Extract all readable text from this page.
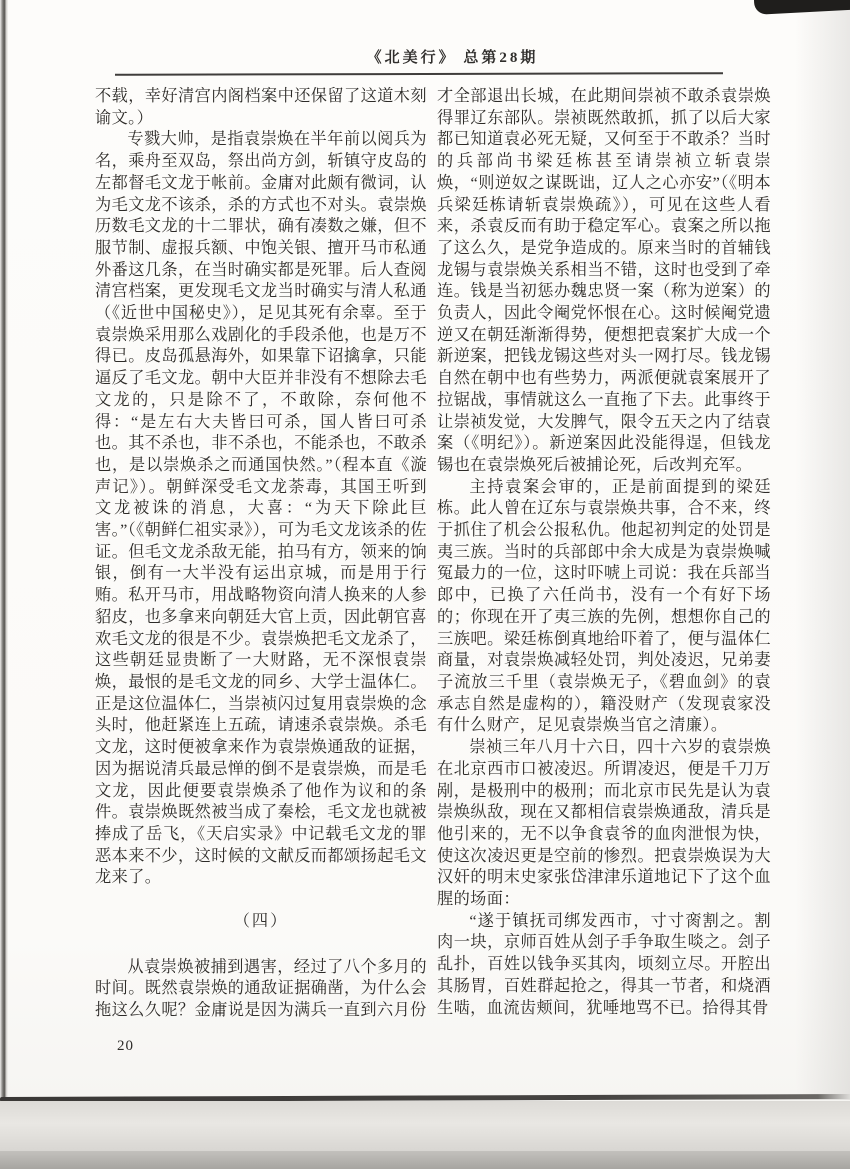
《北美行》 总第28期

不载，幸好清宫内阁档案中还保留了这道木刻谕文。）

专戮大帅，是指袁崇焕在半年前以阅兵为名，乘舟至双岛，祭出尚方剑，斩镇守皮岛的左都督毛文龙于帐前。金庸对此颇有微词，认为毛文龙不该杀，杀的方式也不对头。袁崇焕历数毛文龙的十二罪状，确有凑数之嫌，但不服节制、虚报兵额、中饱关银、擅开马市私通外番这几条，在当时确实都是死罪。后人查阅清宫档案，更发现毛文龙当时确实与清人私通（《近世中国秘史》），足见其死有余辜。至于袁崇焕采用那么戏剧化的手段杀他，也是万不得已。皮岛孤悬海外，如果靠下诏擒拿，只能逼反了毛文龙。朝中大臣并非没有不想除去毛文龙的，只是除不了，不敢除，奈何他不得：“是左右大夫皆曰可杀，国人皆曰可杀也。其不杀也，非不杀也，不能杀也，不敢杀也，是以崇焕杀之而通国快然。”（程本直《漩声记》）。朝鲜深受毛文龙荼毒，其国王听到文龙被诛的消息，大喜：“为天下除此巨害。”（《朝鲜仁祖实录》），可为毛文龙该杀的佐证。但毛文龙杀敌无能，拍马有方，领来的饷银，倒有一大半没有运出京城，而是用于行贿。私开马市，用战略物资向清人换来的人参貂皮，也多拿来向朝廷大官上贡，因此朝官喜欢毛文龙的很是不少。袁崇焕把毛文龙杀了，这些朝廷显贵断了一大财路，无不深恨袁崇焕，最恨的是毛文龙的同乡、大学士温体仁。正是这位温体仁，当崇祯闪过复用袁崇焕的念头时，他赶紧连上五疏，请速杀袁崇焕。杀毛文龙，这时便被拿来作为袁崇焕通敌的证据，因为据说清兵最忌惮的倒不是袁崇焕，而是毛文龙，因此便要袁崇焕杀了他作为议和的条件。袁崇焕既然被当成了秦桧，毛文龙也就被捧成了岳飞，《天启实录》中记载毛文龙的罪恶本来不少，这时候的文献反而都颂扬起毛文龙来了。

（四）

从袁崇焕被捕到遇害，经过了八个多月的时间。既然袁崇焕的通敌证据确凿，为什么会拖这么久呢？金庸说是因为满兵一直到六月份

才全部退出长城，在此期间崇祯不敢杀袁崇焕得罪辽东部队。崇祯既然敢抓，抓了以后大家都已知道袁必死无疑，又何至于不敢杀？当时的兵部尚书梁廷栋甚至请崇祯立斩袁崇焕，“则逆奴之谋既诎，辽人之心亦安”（《明本兵梁廷栋请斩袁崇焕疏》），可见在这些人看来，杀袁反而有助于稳定军心。袁案之所以拖了这么久，是党争造成的。原来当时的首辅钱龙锡与袁崇焕关系相当不错，这时也受到了牵连。钱是当初惩办魏忠贤一案（称为逆案）的负责人，因此令阉党怀恨在心。这时候阉党遗逆又在朝廷渐渐得势，便想把袁案扩大成一个新逆案，把钱龙锡这些对头一网打尽。钱龙锡自然在朝中也有些势力，两派便就袁案展开了拉锯战，事情就这么一直拖了下去。此事终于让崇祯发觉，大发脾气，限令五天之内了结袁案（《明纪》）。新逆案因此没能得逞，但钱龙锡也在袁崇焕死后被捕论死，后改判充军。

主持袁案会审的，正是前面提到的梁廷栋。此人曾在辽东与袁崇焕共事，合不来，终于抓住了机会公报私仇。他起初判定的处罚是夷三族。当时的兵部郎中余大成是为袁崇焕喊冤最力的一位，这时吓唬上司说：我在兵部当郎中，已换了六任尚书，没有一个有好下场的；你现在开了夷三族的先例，想想你自己的三族吧。梁廷栋倒真地给吓着了，便与温体仁商量，对袁崇焕减轻处罚，判处凌迟，兄弟妻子流放三千里（袁崇焕无子，《碧血剑》的袁承志自然是虚构的），籍没财产（发现袁家没有什么财产，足见袁崇焕当官之清廉）。

崇祯三年八月十六日，四十六岁的袁崇焕在北京西市口被凌迟。所谓凌迟，便是千刀万剐，是极刑中的极刑；而北京市民先是认为袁崇焕纵敌，现在又都相信袁崇焕通敌，清兵是他引来的，无不以争食袁爷的血肉泄恨为快，使这次凌迟更是空前的惨烈。把袁崇焕误为大汉奸的明末史家张岱津津乐道地记下了这个血腥的场面：

“遂于镇抚司绑发西市，寸寸脔割之。割肉一块，京师百姓从刽子手争取生啖之。刽子乱扑，百姓以钱争买其肉，顷刻立尽。开腔出其肠胃，百姓群起抢之，得其一节者，和烧酒生啮，血流齿颊间，犹唾地骂不已。拾得其骨

20
